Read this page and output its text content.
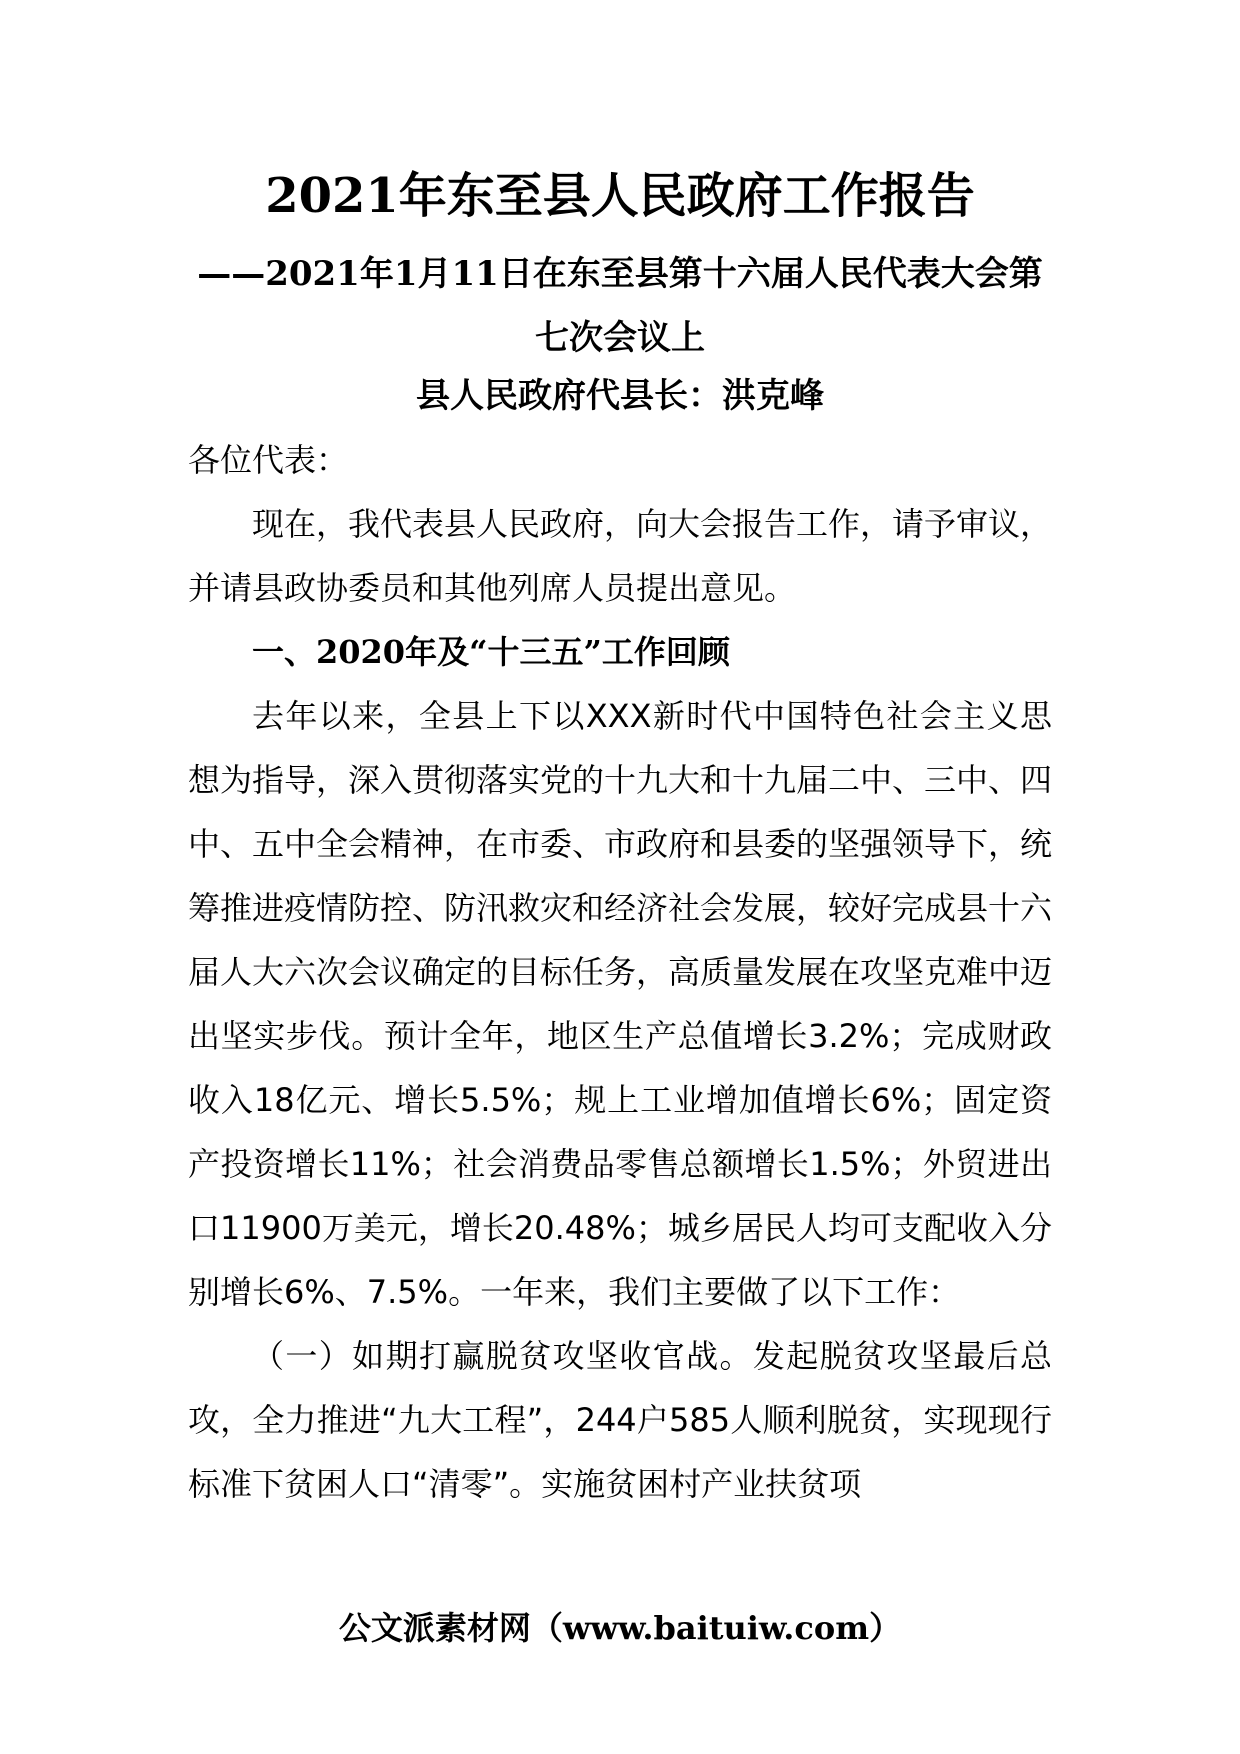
2021年东至县人民政府工作报告
——2021年1月11日在东至县第十六届人民代表大会第七次会议上
县人民政府代县长：洪克峰

各位代表：

现在，我代表县人民政府，向大会报告工作，请予审议，并请县政协委员和其他列席人员提出意见。

一、2020年及“十三五”工作回顾

去年以来，全县上下以XXX新时代中国特色社会主义思想为指导，深入贯彻落实党的十九大和十九届二中、三中、四中、五中全会精神，在市委、市政府和县委的坚强领导下，统筹推进疫情防控、防汛救灾和经济社会发展，较好完成县十六届人大六次会议确定的目标任务，高质量发展在攻坚克难中迈出坚实步伐。预计全年，地区生产总值增长3.2%；完成财政收入18亿元、增长5.5%；规上工业增加值增长6%；固定资产投资增长11%；社会消费品零售总额增长1.5%；外贸进出口11900万美元，增长20.48%；城乡居民人均可支配收入分别增长6%、7.5%。一年来，我们主要做了以下工作：

（一）如期打赢脱贫攻坚收官战。发起脱贫攻坚最后总攻，全力推进“九大工程”，244户585人顺利脱贫，实现现行标准下贫困人口“清零”。实施贫困村产业扶贫项

公文派素材网（www.baituiw.com）
